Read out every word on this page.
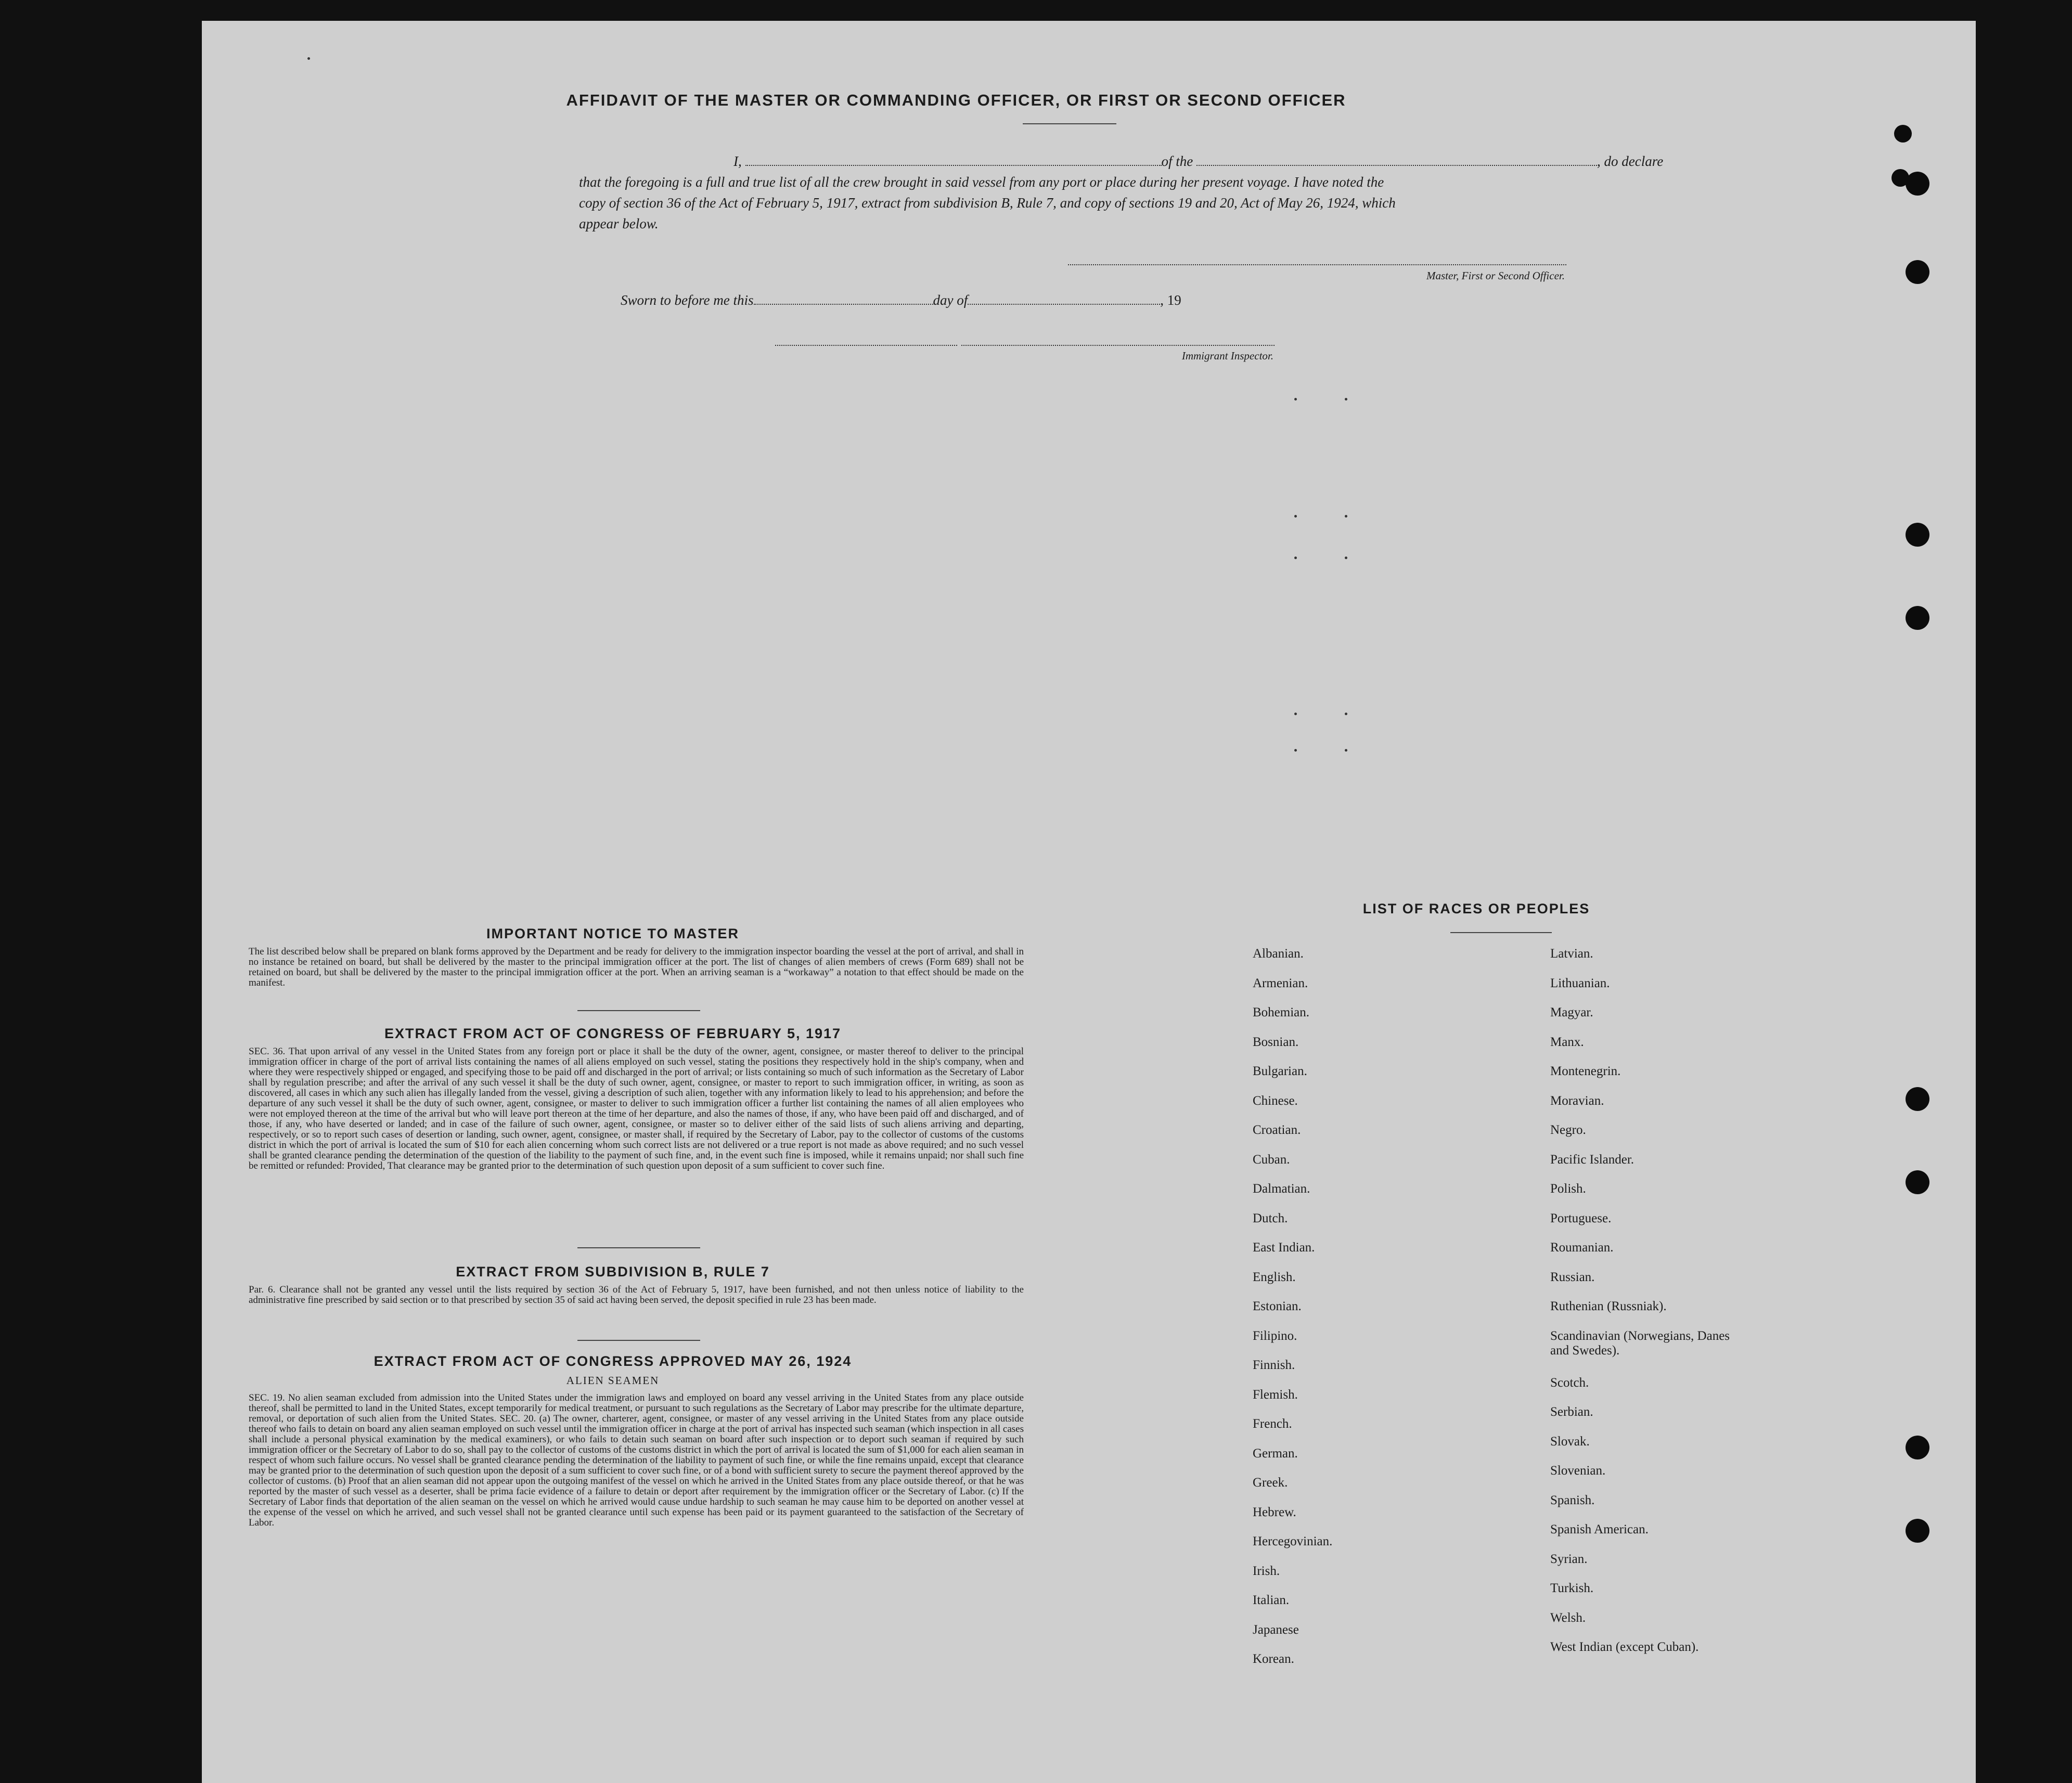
AFFIDAVIT OF THE MASTER OR COMMANDING OFFICER, OR FIRST OR SECOND OFFICER
I,	of the	, do declare
that the foregoing is a full and true list of all the crew brought in said vessel from any port or place during her present voyage. I have noted the
copy of section 36 of the Act of February 5, 1917, extract from subdivision B, Rule 7, and copy of sections 19 and 20, Act of May 26, 1924, which
appear below.
Master, First or Second Officer.
Sworn to before me this	day of	, 19
Immigrant Inspector.
IMPORTANT NOTICE TO MASTER
The list described below shall be prepared on blank forms approved by the Department and be ready for delivery to the immigration inspector boarding the vessel at the port of arrival, and shall in no instance be retained on board, but shall be delivered by the master to the principal immigration officer at the port. The list of changes of alien members of crews (Form 689) shall not be retained on board, but shall be delivered by the master to the principal immigration officer at the port. When an arriving seaman is a “workaway” a notation to that effect should be made on the manifest.
EXTRACT FROM ACT OF CONGRESS OF FEBRUARY 5, 1917
SEC. 36. That upon arrival of any vessel in the United States from any foreign port or place it shall be the duty of the owner, agent, consignee, or master thereof to deliver to the principal immigration officer in charge of the port of arrival lists containing the names of all aliens employed on such vessel, stating the positions they respectively hold in the ship's company, when and where they were respectively shipped or engaged, and specifying those to be paid off and discharged in the port of arrival; or lists containing so much of such information as the Secretary of Labor shall by regulation prescribe; and after the arrival of any such vessel it shall be the duty of such owner, agent, consignee, or master to report to such immigration officer, in writing, as soon as discovered, all cases in which any such alien has illegally landed from the vessel, giving a description of such alien, together with any information likely to lead to his apprehension; and before the departure of any such vessel it shall be the duty of such owner, agent, consignee, or master to deliver to such immigration officer a further list containing the names of all alien employees who were not employed thereon at the time of the arrival but who will leave port thereon at the time of her departure, and also the names of those, if any, who have been paid off and discharged, and of those, if any, who have deserted or landed; and in case of the failure of such owner, agent, consignee, or master so to deliver either of the said lists of such aliens arriving and departing, respectively, or so to report such cases of desertion or landing, such owner, agent, consignee, or master shall, if required by the Secretary of Labor, pay to the collector of customs of the customs district in which the port of arrival is located the sum of $10 for each alien concerning whom such correct lists are not delivered or a true report is not made as above required; and no such vessel shall be granted clearance pending the determination of the question of the liability to the payment of such fine, and, in the event such fine is imposed, while it remains unpaid; nor shall such fine be remitted or refunded: Provided, That clearance may be granted prior to the determination of such question upon deposit of a sum sufficient to cover such fine.
EXTRACT FROM SUBDIVISION B, RULE 7
Par. 6. Clearance shall not be granted any vessel until the lists required by section 36 of the Act of February 5, 1917, have been furnished, and not then unless notice of liability to the administrative fine prescribed by said section or to that prescribed by section 35 of said act having been served, the deposit specified in rule 23 has been made.
EXTRACT FROM ACT OF CONGRESS APPROVED MAY 26, 1924
ALIEN SEAMEN
SEC. 19. No alien seaman excluded from admission into the United States under the immigration laws and employed on board any vessel arriving in the United States from any place outside thereof, shall be permitted to land in the United States, except temporarily for medical treatment, or pursuant to such regulations as the Secretary of Labor may prescribe for the ultimate departure, removal, or deportation of such alien from the United States. SEC. 20. (a) The owner, charterer, agent, consignee, or master of any vessel arriving in the United States from any place outside thereof who fails to detain on board any alien seaman employed on such vessel until the immigration officer in charge at the port of arrival has inspected such seaman (which inspection in all cases shall include a personal physical examination by the medical examiners), or who fails to detain such seaman on board after such inspection or to deport such seaman if required by such immigration officer or the Secretary of Labor to do so, shall pay to the collector of customs of the customs district in which the port of arrival is located the sum of $1,000 for each alien seaman in respect of whom such failure occurs. No vessel shall be granted clearance pending the determination of the liability to payment of such fine, or while the fine remains unpaid, except that clearance may be granted prior to the determination of such question upon the deposit of a sum sufficient to cover such fine, or of a bond with sufficient surety to secure the payment thereof approved by the collector of customs. (b) Proof that an alien seaman did not appear upon the outgoing manifest of the vessel on which he arrived in the United States from any place outside thereof, or that he was reported by the master of such vessel as a deserter, shall be prima facie evidence of a failure to detain or deport after requirement by the immigration officer or the Secretary of Labor. (c) If the Secretary of Labor finds that deportation of the alien seaman on the vessel on which he arrived would cause undue hardship to such seaman he may cause him to be deported on another vessel at the expense of the vessel on which he arrived, and such vessel shall not be granted clearance until such expense has been paid or its payment guaranteed to the satisfaction of the Secretary of Labor.
LIST OF RACES OR PEOPLES
Albanian.
Armenian.
Bohemian.
Bosnian.
Bulgarian.
Chinese.
Croatian.
Cuban.
Dalmatian.
Dutch.
East Indian.
English.
Estonian.
Filipino.
Finnish.
Flemish.
French.
German.
Greek.
Hebrew.
Hercegovinian.
Irish.
Italian.
Japanese
Korean.
Latvian.
Lithuanian.
Magyar.
Manx.
Montenegrin.
Moravian.
Negro.
Pacific Islander.
Polish.
Portuguese.
Roumanian.
Russian.
Ruthenian (Russniak).
Scandinavian (Norwegians, Danes and Swedes).
Scotch.
Serbian.
Slovak.
Slovenian.
Spanish.
Spanish American.
Syrian.
Turkish.
Welsh.
West Indian (except Cuban).
